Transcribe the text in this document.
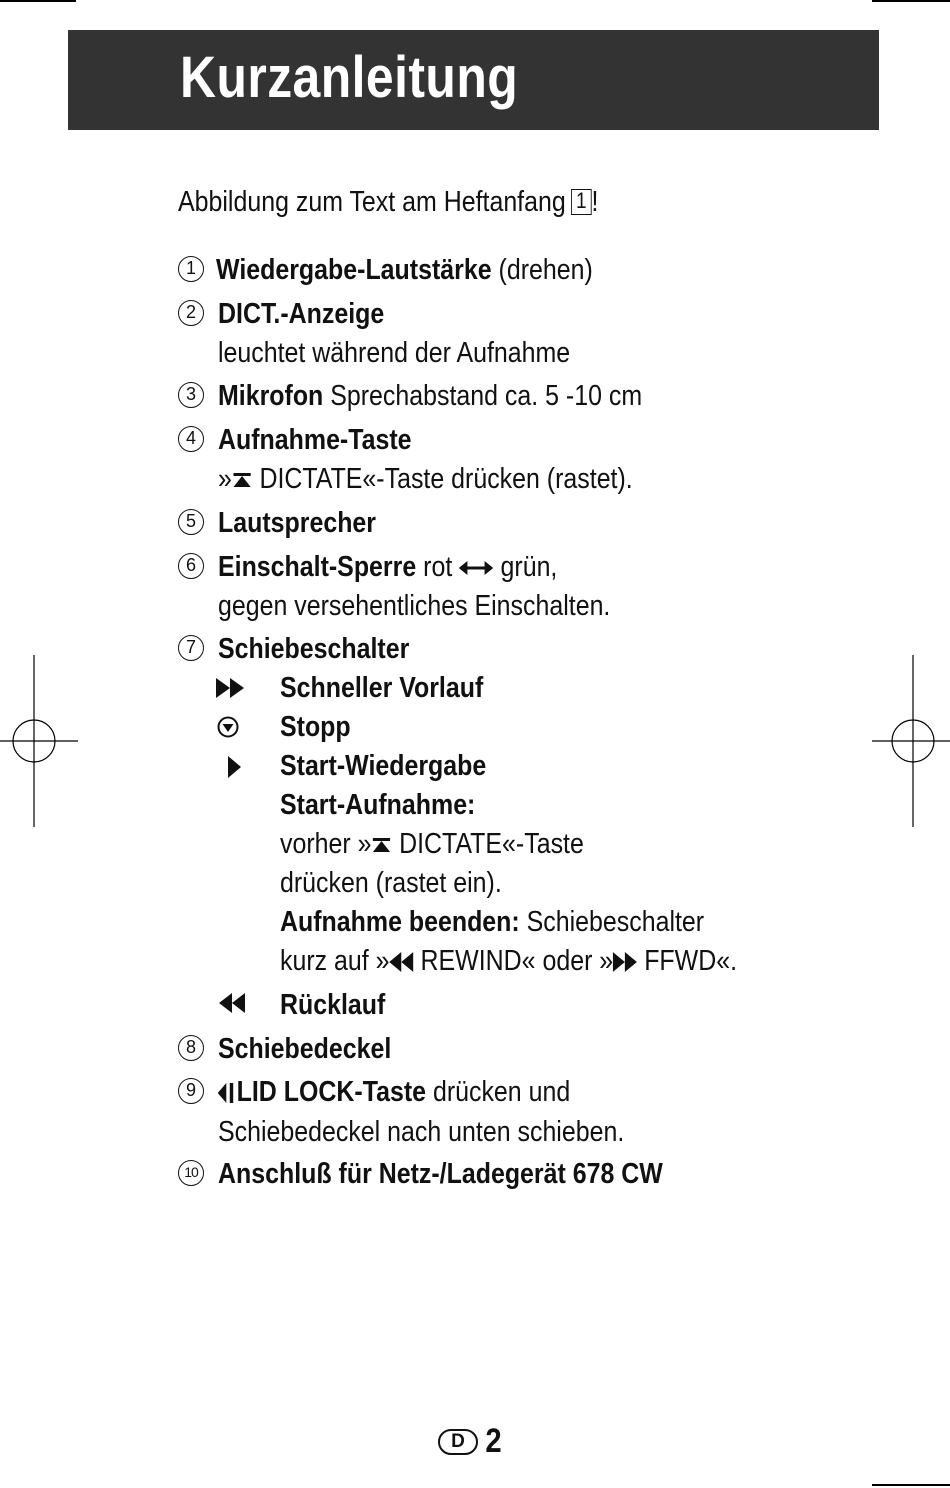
Kurzanleitung
Abbildung zum Text am Heftanfang 1 !
1 Wiedergabe-Lautstärke (drehen)
2 DICT.-Anzeige
leuchtet während der Aufnahme
3 Mikrofon Sprechabstand ca. 5 -10 cm
4 Aufnahme-Taste
» DICTATE«-Taste drücken (rastet).
5 Lautsprecher
6 Einschalt-Sperre rot  grün,
gegen versehentliches Einschalten.
7 Schiebeschalter
Schneller Vorlauf
Stopp
Start-Wiedergabe
Start-Aufnahme:
vorher » DICTATE«-Taste
drücken (rastet ein).
Aufnahme beenden: Schiebeschalter
kurz auf » REWIND« oder » FFWD«.
Rücklauf
8 Schiebedeckel
9	LID LOCK-Taste drücken und
Schiebedeckel nach unten schieben.
10 Anschluß für Netz-/Ladegerät 678 CW
D 2
